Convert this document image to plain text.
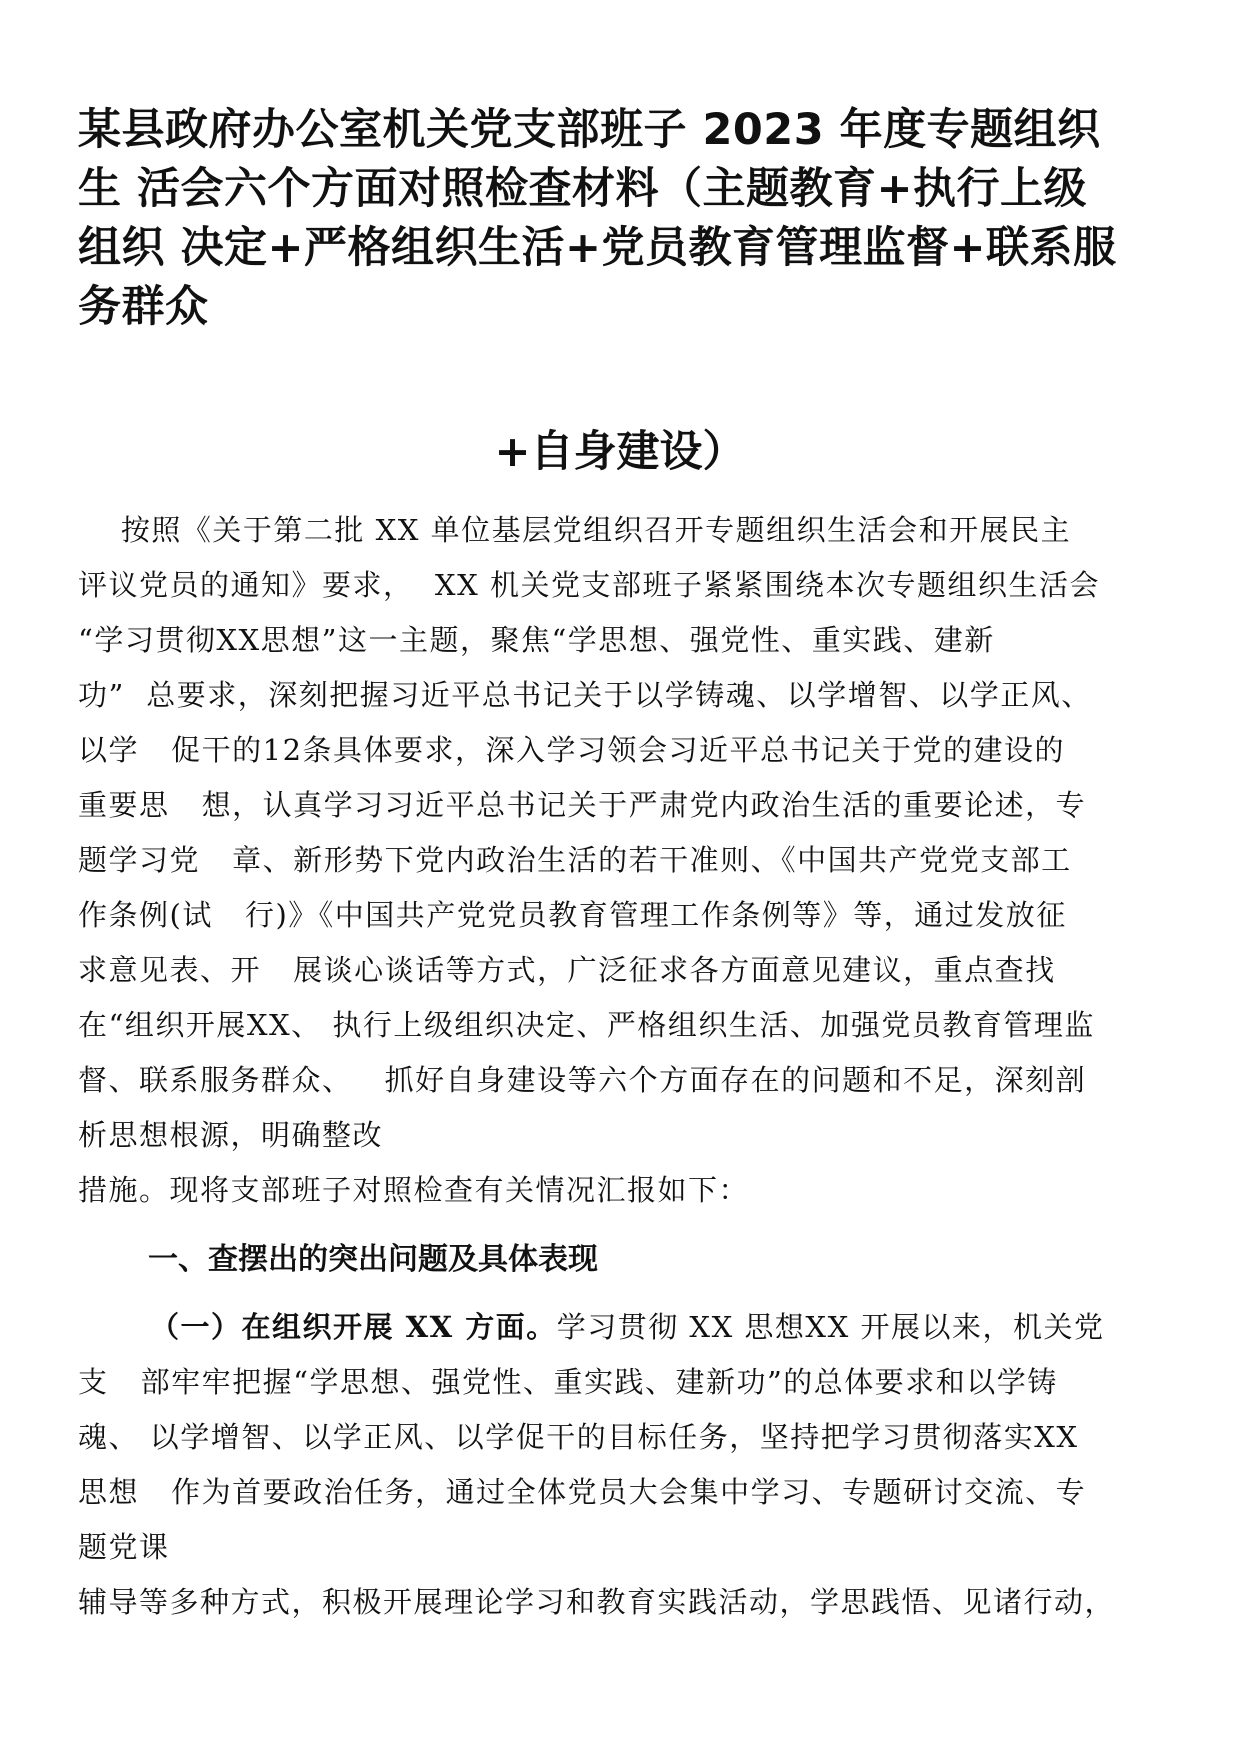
某县政府办公室机关党支部班子 2023 年度专题组织
生 活会六个方面对照检查材料（主题教育+执行上级
组织 决定+严格组织生活+党员教育管理监督+联系服
务群众
+自身建设）
按照《关于第二批 XX 单位基层党组织召开专题组织生活会和开展民主
评议党员的通知》要求，  XX 机关党支部班子紧紧围绕本次专题组织生活会
“学习贯彻XX思想”这一主题，聚焦“学思想、强党性、重实践、建新
功”  总要求，深刻把握习近平总书记关于以学铸魂、以学增智、以学正风、
以学   促干的12条具体要求，深入学习领会习近平总书记关于党的建设的
重要思   想，认真学习习近平总书记关于严肃党内政治生活的重要论述，专
题学习党   章、新形势下党内政治生活的若干准则、《中国共产党党支部工
作条例(试   行)》《中国共产党党员教育管理工作条例等》等，通过发放征
求意见表、开   展谈心谈话等方式，广泛征求各方面意见建议，重点查找
在“组织开展XX、 执行上级组织决定、严格组织生活、加强党员教育管理监
督、联系服务群众、   抓好自身建设等六个方面存在的问题和不足，深刻剖
析思想根源，明确整改
措施。现将支部班子对照检查有关情况汇报如下：
一、查摆出的突出问题及具体表现
（一）在组织开展 XX 方面。学习贯彻 XX 思想XX 开展以来，机关党
支   部牢牢把握“学思想、强党性、重实践、建新功”的总体要求和以学铸
魂、 以学增智、以学正风、以学促干的目标任务，坚持把学习贯彻落实XX
思想   作为首要政治任务，通过全体党员大会集中学习、专题研讨交流、专
题党课
辅导等多种方式，积极开展理论学习和教育实践活动，学思践悟、见诸行动，
